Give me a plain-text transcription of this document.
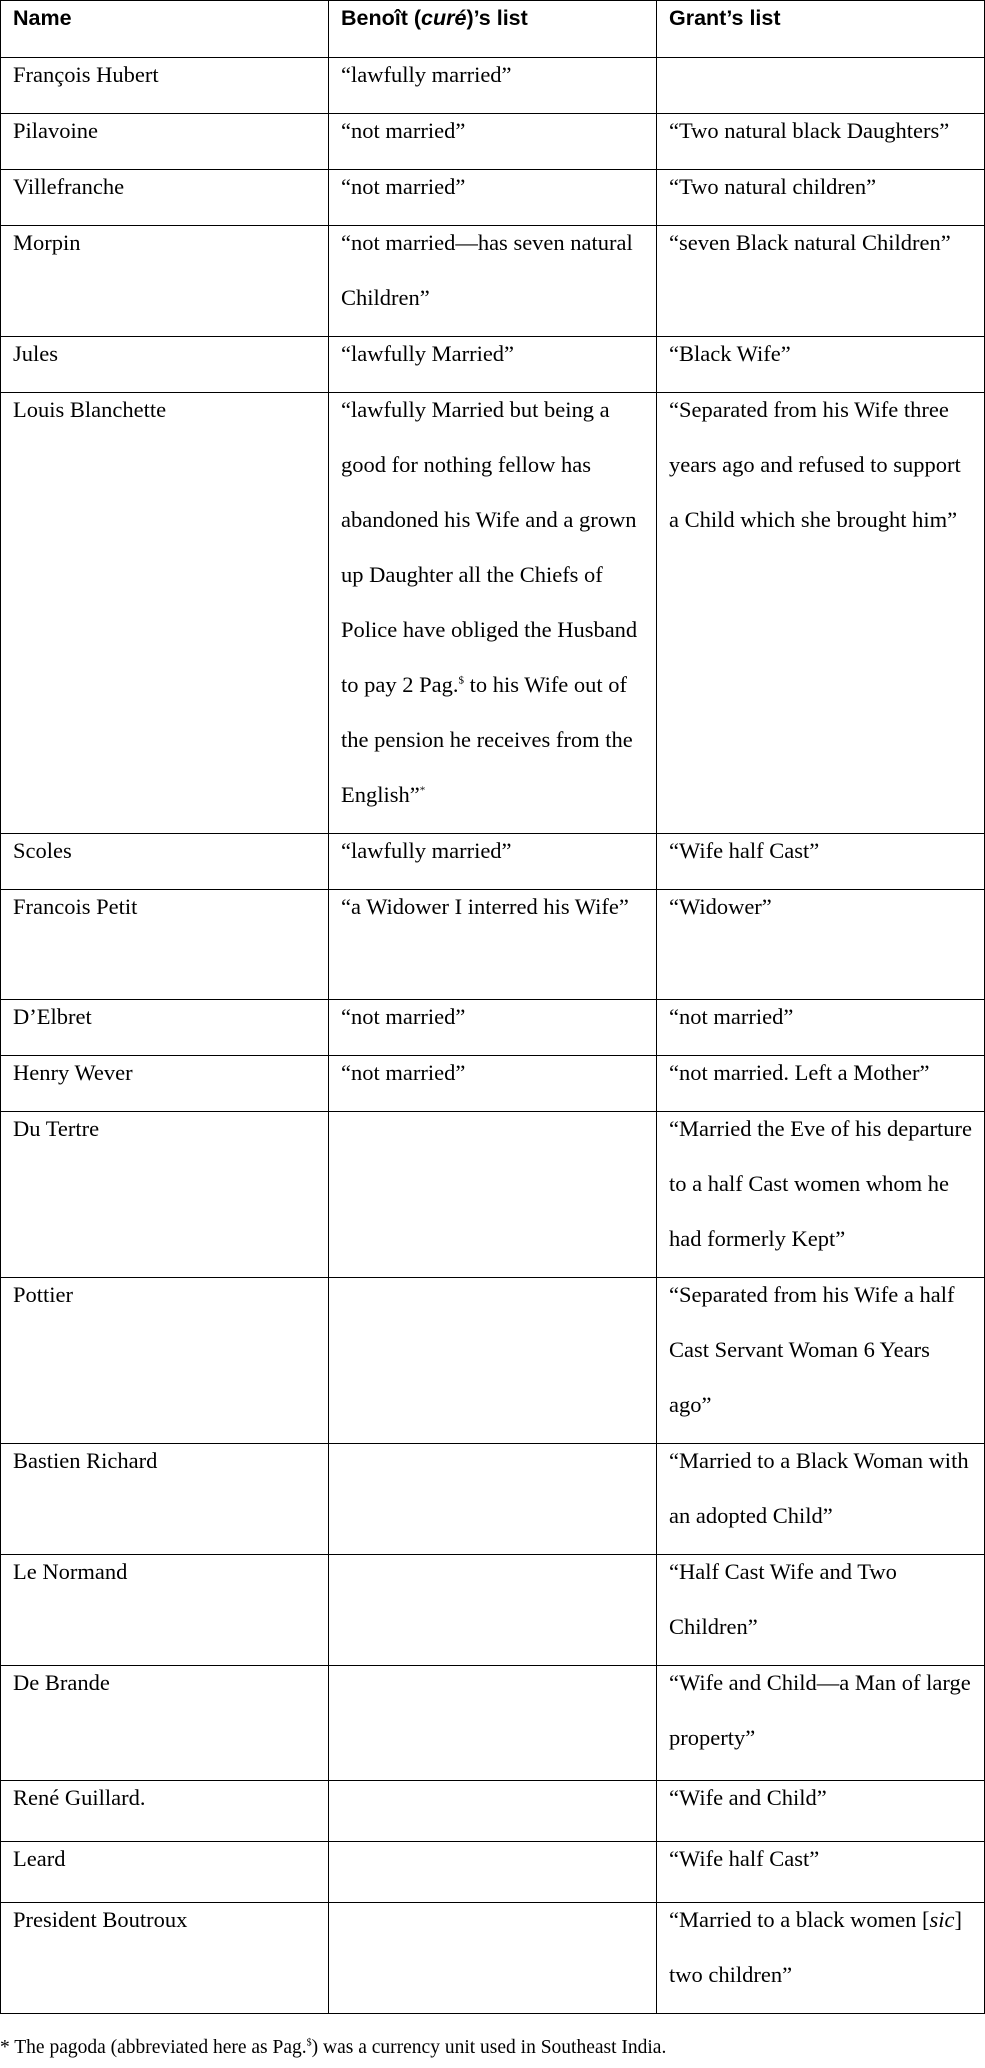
Name	Benoît (curé)’s list	Grant’s list

François Hubert	“lawfully married”	

Pilavoine	“not married”	“Two natural black Daughters”

Villefranche	“not married”	“Two natural children”

Morpin	“not married—has seven natural Children”	“seven Black natural Children”

Jules	“lawfully Married”	“Black Wife”

Louis Blanchette	“lawfully Married but being a good for nothing fellow has abandoned his Wife and a grown up Daughter all the Chiefs of Police have obliged the Husband to pay 2 Pag.$ to his Wife out of the pension he receives from the English”*	“Separated from his Wife three years ago and refused to support a Child which she brought him”

Scoles	“lawfully married”	“Wife half Cast”

Francois Petit	“a Widower I interred his Wife”	“Widower”

D’Elbret	“not married”	“not married”

Henry Wever	“not married”	“not married. Left a Mother”

Du Tertre		“Married the Eve of his departure to a half Cast women whom he had formerly Kept”

Pottier		“Separated from his Wife a half Cast Servant Woman 6 Years ago”

Bastien Richard		“Married to a Black Woman with an adopted Child”

Le Normand		“Half Cast Wife and Two Children”

De Brande		“Wife and Child—a Man of large property”

René Guillard.		“Wife and Child”

Leard		“Wife half Cast”

President Boutroux		“Married to a black women [sic] two children”
* The pagoda (abbreviated here as Pag.$) was a currency unit used in Southeast India.
